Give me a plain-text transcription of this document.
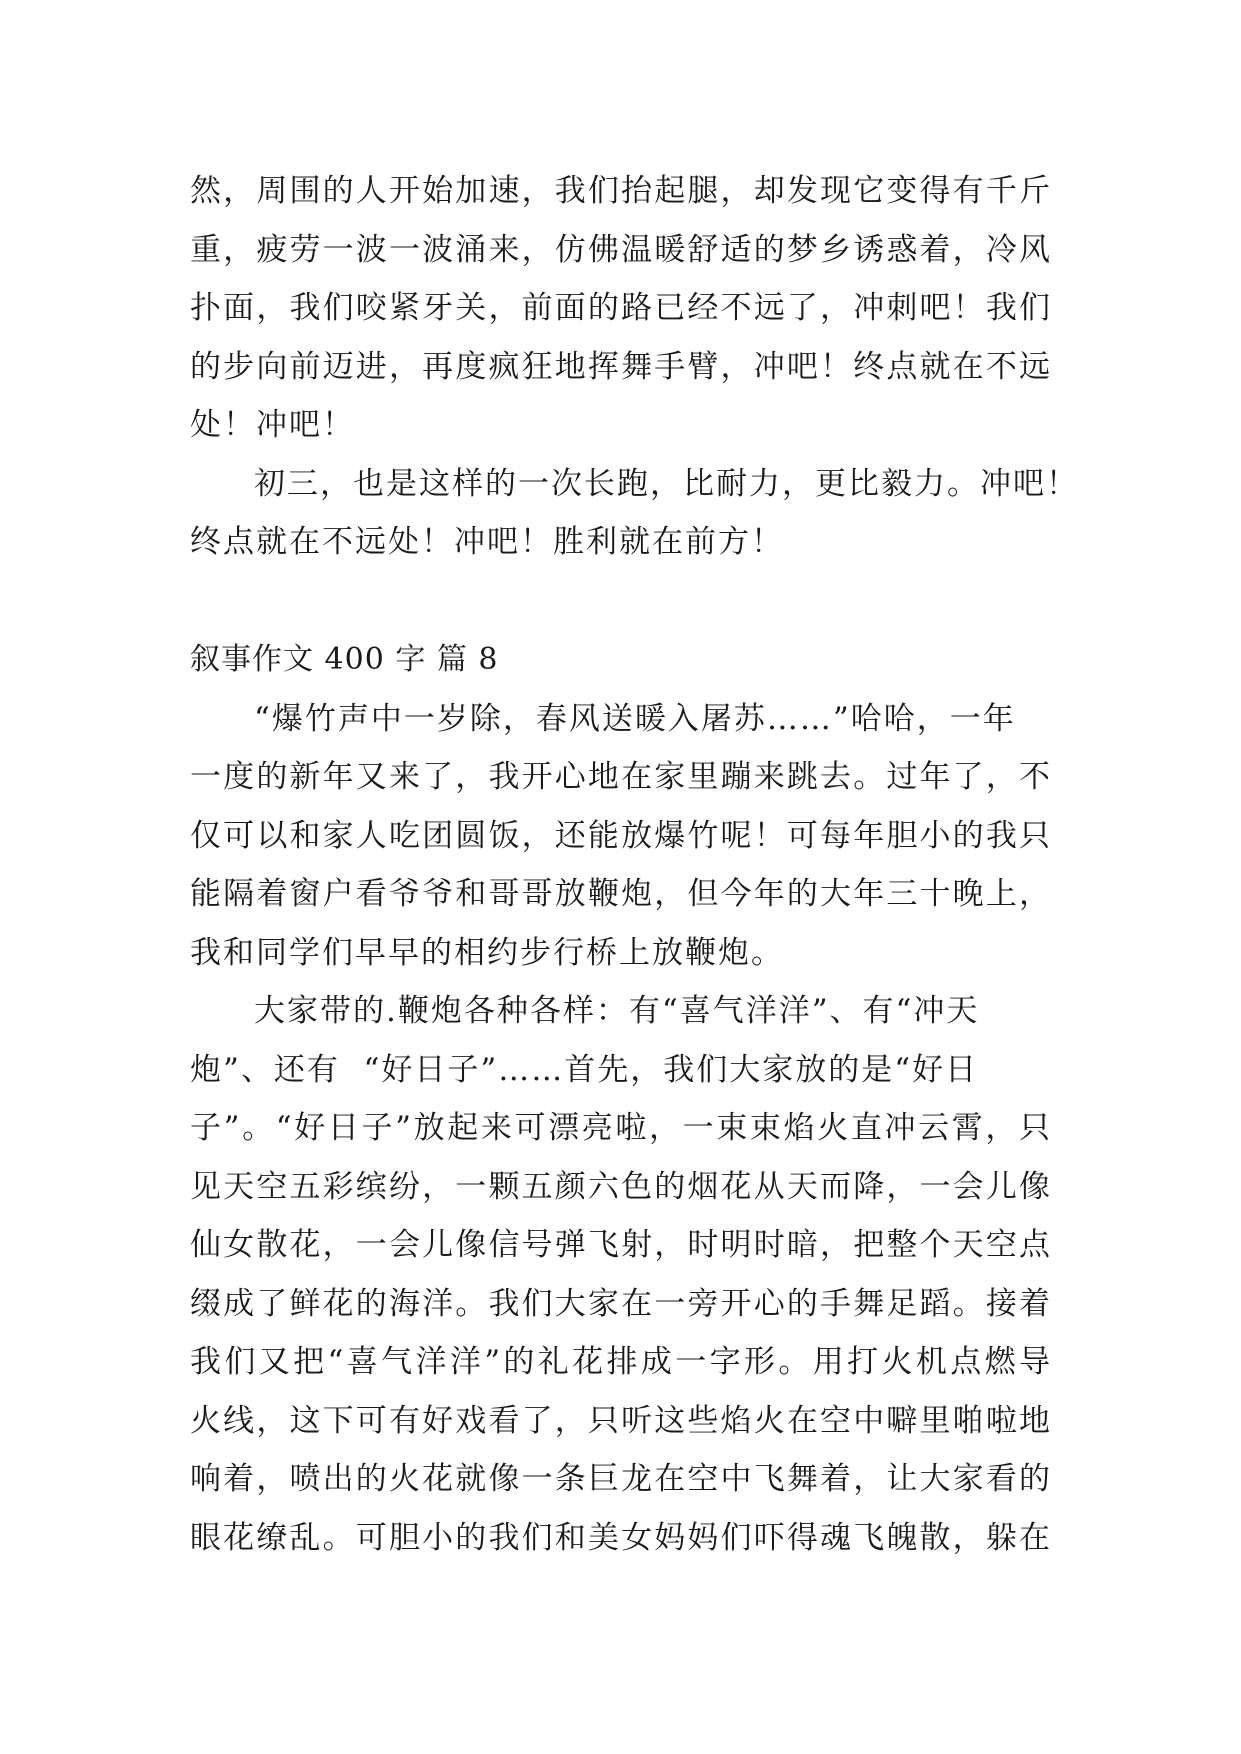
然，周围的人开始加速，我们抬起腿，却发现它变得有千斤
重，疲劳一波一波涌来，仿佛温暖舒适的梦乡诱惑着，冷风
扑面，我们咬紧牙关，前面的路已经不远了，冲刺吧！我们
的步向前迈进，再度疯狂地挥舞手臂，冲吧！终点就在不远
处！冲吧！
初三，也是这样的一次长跑，比耐力，更比毅力。冲吧！
终点就在不远处！冲吧！胜利就在前方！
叙事作文 400 字 篇 8
“爆竹声中一岁除，春风送暖入屠苏……”哈哈，一年
一度的新年又来了，我开心地在家里蹦来跳去。过年了，不
仅可以和家人吃团圆饭，还能放爆竹呢！可每年胆小的我只
能隔着窗户看爷爷和哥哥放鞭炮，但今年的大年三十晚上，
我和同学们早早的相约步行桥上放鞭炮。
大家带的.鞭炮各种各样：有“喜气洋洋”、有“冲天
炮”、还有  “好日子”……首先，我们大家放的是“好日
子”。“好日子”放起来可漂亮啦，一束束焰火直冲云霄，只
见天空五彩缤纷，一颗五颜六色的烟花从天而降，一会儿像
仙女散花，一会儿像信号弹飞射，时明时暗，把整个天空点
缀成了鲜花的海洋。我们大家在一旁开心的手舞足蹈。接着
我们又把“喜气洋洋”的礼花排成一字形。用打火机点燃导
火线，这下可有好戏看了，只听这些焰火在空中噼里啪啦地
响着，喷出的火花就像一条巨龙在空中飞舞着，让大家看的
眼花缭乱。可胆小的我们和美女妈妈们吓得魂飞魄散，躲在
